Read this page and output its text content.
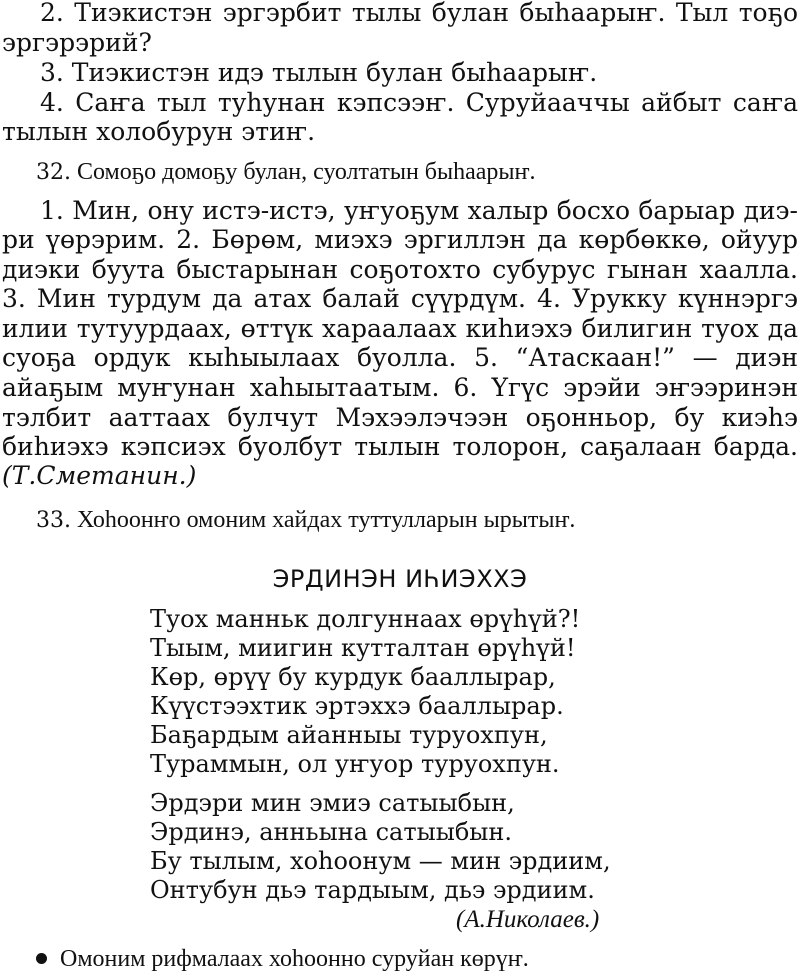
2. Тиэкистэн эргэрбит тылы булан быһаарыҥ. Тыл тоҕо
эргэрэрий?
3. Тиэкистэн идэ тылын булан быһаарыҥ.
4. Саҥа тыл туһунан кэпсээҥ. Суруйааччы айбыт саҥа
тылын холобурун этиҥ.
32. Сомоҕо домоҕу булан, суолтатын быһаарыҥ.
1. Мин, ону истэ-истэ, уҥуоҕум халыр босхо барыар диэ-
ри үөрэрим. 2. Бөрөм, миэхэ эргиллэн да көрбөккө, ойуур
диэки буута быстарынан соҕотохто субурус гынан хаалла.
3. Мин турдум да атах балай сүүрдүм. 4. Урукку күннэргэ
илии тутуурдаах, өттүк хараалаах киһиэхэ билигин туох да
суоҕа ордук кыһыылаах буолла. 5. “Атаскаан!” — диэн
айаҕым муҥунан хаһыытаатым. 6. Үгүс эрэйи эҥээринэн
тэлбит ааттаах булчут Мэхээлэчээн оҕонньор, бу киэһэ
биһиэхэ кэпсиэх буолбут тылын толорон, саҕалаан барда.
(Т.Сметанин.)
33. Хоһоонҥо омоним хайдах туттулларын ырытыҥ.
ЭРДИНЭН ИҺИЭХХЭ
Туох манньк долгуннаах өрүһүй?!
Тыым, миигин кутталтан өрүһүй!
Көр, өрүү бу курдук бааллырар,
Күүстээхтик эртэххэ бааллырар.
Баҕардым айанныы туруохпун,
Тураммын, ол уҥуор туруохпун.
Эрдэри мин эмиэ сатыыбын,
Эрдинэ, анньына сатыыбын.
Бу тылым, хоһоонум — мин эрдиим,
Онтубун дьэ тардыым, дьэ эрдиим.
(А.Николаев.)
Омоним рифмалаах хоһоонно суруйан көрүҥ.
